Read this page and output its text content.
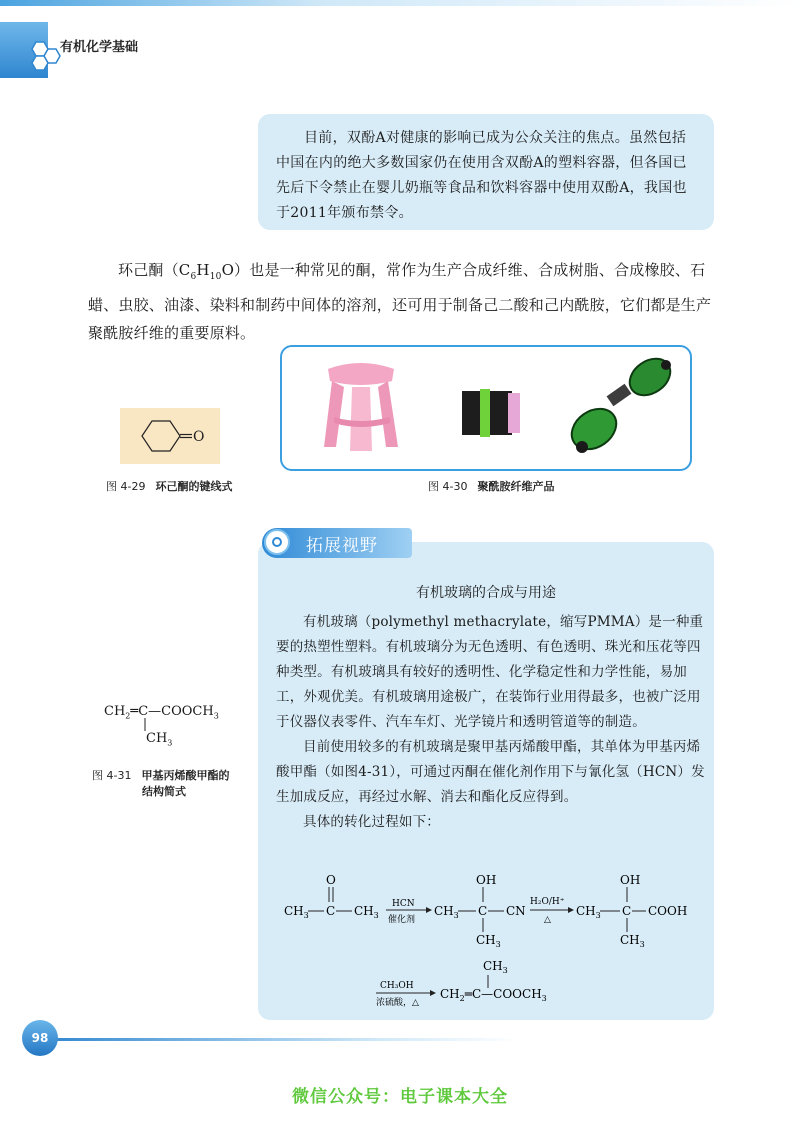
有机化学基础

目前，双酚A对健康的影响已成为公众关注的焦点。虽然包括中国在内的绝大多数国家仍在使用含双酚A的塑料容器，但各国已先后下令禁止在婴儿奶瓶等食品和饮料容器中使用双酚A，我国也于2011年颁布禁令。

环己酮$(C_6H_{10}O)$也是一种常见的酮，常作为生产合成纤维、合成树脂、合成橡胶、石蜡、虫胶、油漆、染料和制药中间体的溶剂，还可用于制备己二酸和己内酰胺，它们都是生产聚酰胺纤维的重要原料。
O
图 4-29 环己酮的键线式	图 4-30 聚酰胺纤维产品
有机玻璃的合成与用途

有机玻璃（polymethyl methacrylate，缩写PMMA）是一种重要的热塑性塑料。有机玻璃分为无色透明、有色透明、珠光和压花等四种类型。有机玻璃具有较好的透明性、化学稳定性和力学性能，易加工，外观优美。有机玻璃用途极广，在装饰行业用得最多，也被广泛用于仪器仪表零件、汽车车灯、光学镜片和透明管道等的制造。

目前使用较多的有机玻璃是聚甲基丙烯酸甲酯，其单体为甲基丙烯酸甲酯（如图4-31），可通过丙酮在催化剂作用下与氰化氢（HCN）发生加成反应，再经过水解、消去和酯化反应得到。

具体的转化过程如下：

拓展视野
$CH_2═C—COOCH_3$
$CH_3$
图 4-31 甲基丙烯酸甲酯的
结构简式
O
$CH_3$ C $CH_3$
HCN
催化剂
OH
$CH_3$ C CN
$CH_3$
H₂O/H⁺
△
OH
$CH_3$ C COOH
$CH_3$
$CH_3$
CH₃OH
浓硫酸，△
$CH_2═C—COOCH_3$
98
微信公众号：电子课本大全
